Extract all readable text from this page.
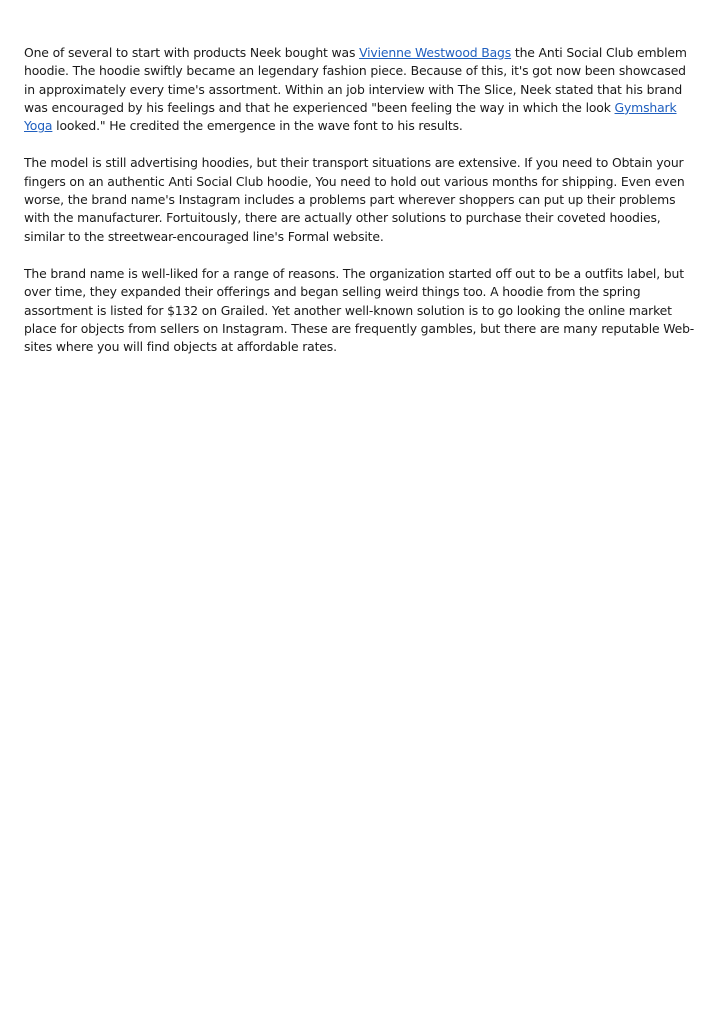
One of several to start with products Neek bought was Vivienne Westwood Bags the Anti Social Club emblem hoodie. The hoodie swiftly became an legendary fashion piece. Because of this, it's got now been showcased in approximately every time's assortment. Within an job interview with The Slice, Neek stated that his brand was encouraged by his feelings and that he experienced "been feeling the way in which the look Gymshark Yoga looked." He credited the emergence in the wave font to his results.

The model is still advertising hoodies, but their transport situations are extensive. If you need to Obtain your fingers on an authentic Anti Social Club hoodie, You need to hold out various months for shipping. Even even worse, the brand name's Instagram includes a problems part wherever shoppers can put up their problems with the manufacturer. Fortuitously, there are actually other solutions to purchase their coveted hoodies, similar to the streetwear-encouraged line's Formal website.

The brand name is well-liked for a range of reasons. The organization started off out to be a outfits label, but over time, they expanded their offerings and began selling weird things too. A hoodie from the spring assortment is listed for $132 on Grailed. Yet another well-known solution is to go looking the online market place for objects from sellers on Instagram. These are frequently gambles, but there are many reputable Web-sites where you will find objects at affordable rates.
